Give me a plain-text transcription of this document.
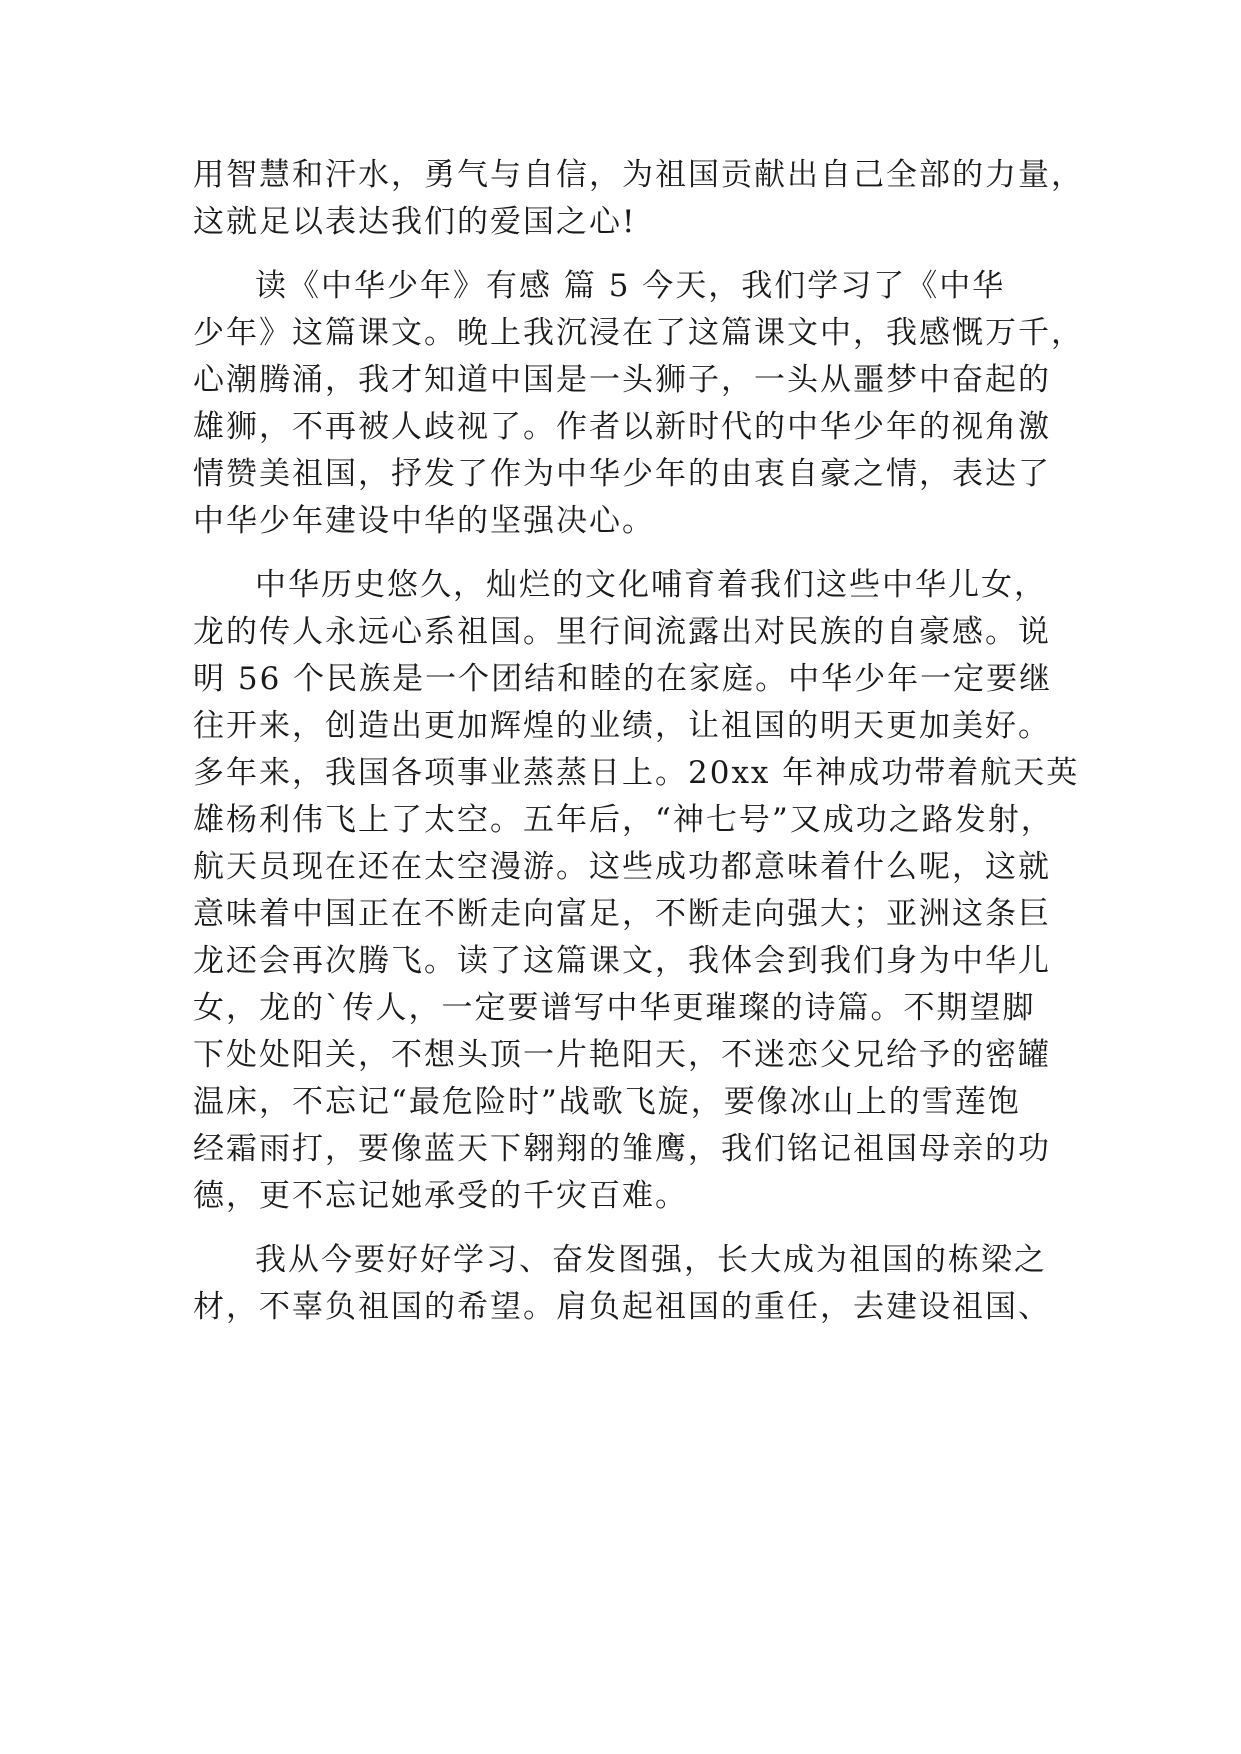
用智慧和汗水，勇气与自信，为祖国贡献出自己全部的力量，
这就足以表达我们的爱国之心!
读《中华少年》有感 篇 5 今天，我们学习了《中华
少年》这篇课文。晚上我沉浸在了这篇课文中，我感慨万千，
心潮腾涌，我才知道中国是一头狮子，一头从噩梦中奋起的
雄狮，不再被人歧视了。作者以新时代的中华少年的视角激
情赞美祖国，抒发了作为中华少年的由衷自豪之情，表达了
中华少年建设中华的坚强决心。
中华历史悠久，灿烂的文化哺育着我们这些中华儿女，
龙的传人永远心系祖国。里行间流露出对民族的自豪感。说
明 56 个民族是一个团结和睦的在家庭。中华少年一定要继
往开来，创造出更加辉煌的业绩，让祖国的明天更加美好。
多年来，我国各项事业蒸蒸日上。20xx 年神成功带着航天英
雄杨利伟飞上了太空。五年后，“神七号”又成功之路发射，
航天员现在还在太空漫游。这些成功都意味着什么呢，这就
意味着中国正在不断走向富足，不断走向强大；亚洲这条巨
龙还会再次腾飞。读了这篇课文，我体会到我们身为中华儿
女，龙的`传人，一定要谱写中华更璀璨的诗篇。不期望脚
下处处阳关，不想头顶一片艳阳天，不迷恋父兄给予的密罐
温床，不忘记“最危险时”战歌飞旋，要像冰山上的雪莲饱
经霜雨打，要像蓝天下翱翔的雏鹰，我们铭记祖国母亲的功
德，更不忘记她承受的千灾百难。
我从今要好好学习、奋发图强，长大成为祖国的栋梁之
材，不辜负祖国的希望。肩负起祖国的重任，去建设祖国、
